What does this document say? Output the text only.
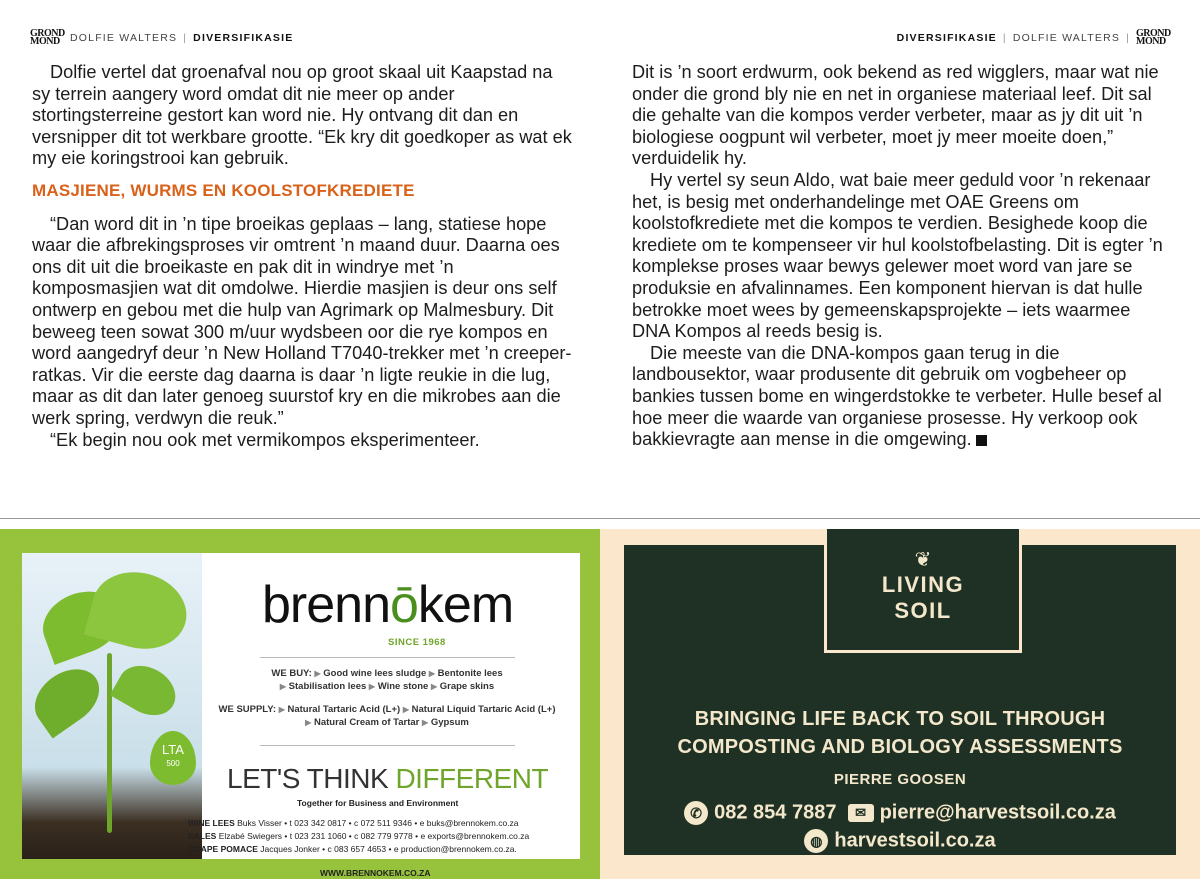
GROND MOND DOLFIE WALTERS | DIVERSIFIKASIE	DIVERSIFIKASIE | DOLFIE WALTERS | GROND MOND

Dolfie vertel dat groenafval nou op groot skaal uit Kaapstad na sy terrein aangery word omdat dit nie meer op ander stortingsterreine gestort kan word nie. Hy ontvang dit dan en versnipper dit tot werkbare grootte. “Ek kry dit goedkoper as wat ek my eie koringstrooi kan gebruik.

MASJIENE, WURMS EN KOOLSTOFKREDIETE

“Dan word dit in ’n tipe broeikas geplaas – lang, statiese hope waar die afbrekingsproses vir omtrent ’n maand duur. Daarna oes ons dit uit die broeikaste en pak dit in windrye met ’n komposmasjien wat dit omdolwe. Hierdie masjien is deur ons self ontwerp en gebou met die hulp van Agrimark op Malmesbury. Dit beweeg teen sowat 300 m/uur wydsbeen oor die rye kompos en word aangedryf deur ’n New Holland T7040-trekker met ’n creeper-ratkas. Vir die eerste dag daarna is daar ’n ligte reukie in die lug, maar as dit dan later genoeg suurstof kry en die mikrobes aan die werk spring, verdwyn die reuk.”

“Ek begin nou ook met vermikompos eksperimenteer.

Dit is ’n soort erdwurm, ook bekend as red wigglers, maar wat nie onder die grond bly nie en net in organiese materiaal leef. Dit sal die gehalte van die kompos verder verbeter, maar as jy dit uit ’n biologiese oogpunt wil verbeter, moet jy meer moeite doen,” verduidelik hy.

Hy vertel sy seun Aldo, wat baie meer geduld voor ’n rekenaar het, is besig met onderhandelinge met OAE Greens om koolstofkrediete met die kompos te verdien. Besighede koop die krediete om te kompenseer vir hul koolstofbelasting. Dit is egter ’n komplekse proses waar bewys gelewer moet word van jare se produksie en afvalinnames. Een komponent hiervan is dat hulle betrokke moet wees by gemeenskapsprojekte – iets waarmee DNA Kompos al reeds besig is.

Die meeste van die DNA-kompos gaan terug in die landbousektor, waar produsente dit gebruik om vogbeheer op bankies tussen bome en wingerdstokke te verbeter. Hulle besef al hoe meer die waarde van organiese prosesse. Hy verkoop ook bakkievragte aan mense in die omgewing.	■

LTA
500
brennōkem
SINCE 1968
WE BUY: ▶ Good wine lees sludge ▶ Bentonite lees
▶ Stabilisation lees ▶ Wine stone ▶ Grape skins
WE SUPPLY: ▶ Natural Tartaric Acid (L+) ▶ Natural Liquid Tartaric Acid (L+)
▶ Natural Cream of Tartar ▶ Gypsum
LET'S THINK DIFFERENT
Together for Business and Environment
WINE LEES Buks Visser • t 023 342 0817 • c 072 511 9346 • e buks@brennokem.co.za
SALES Elzabé Swiegers • t 023 231 1060 • c 082 779 9778 • e exports@brennokem.co.za
GRAPE POMACE Jacques Jonker • c 083 657 4653 • e production@brennokem.co.za.
WWW.BRENNOKEM.CO.ZA
❦
LIVING
SOIL
BRINGING LIFE BACK TO SOIL THROUGH
COMPOSTING AND BIOLOGY ASSESSMENTS
PIERRE GOOSEN
✆ 082 854 7887 ✉ pierre@harvestsoil.co.za
◍ harvestsoil.co.za
